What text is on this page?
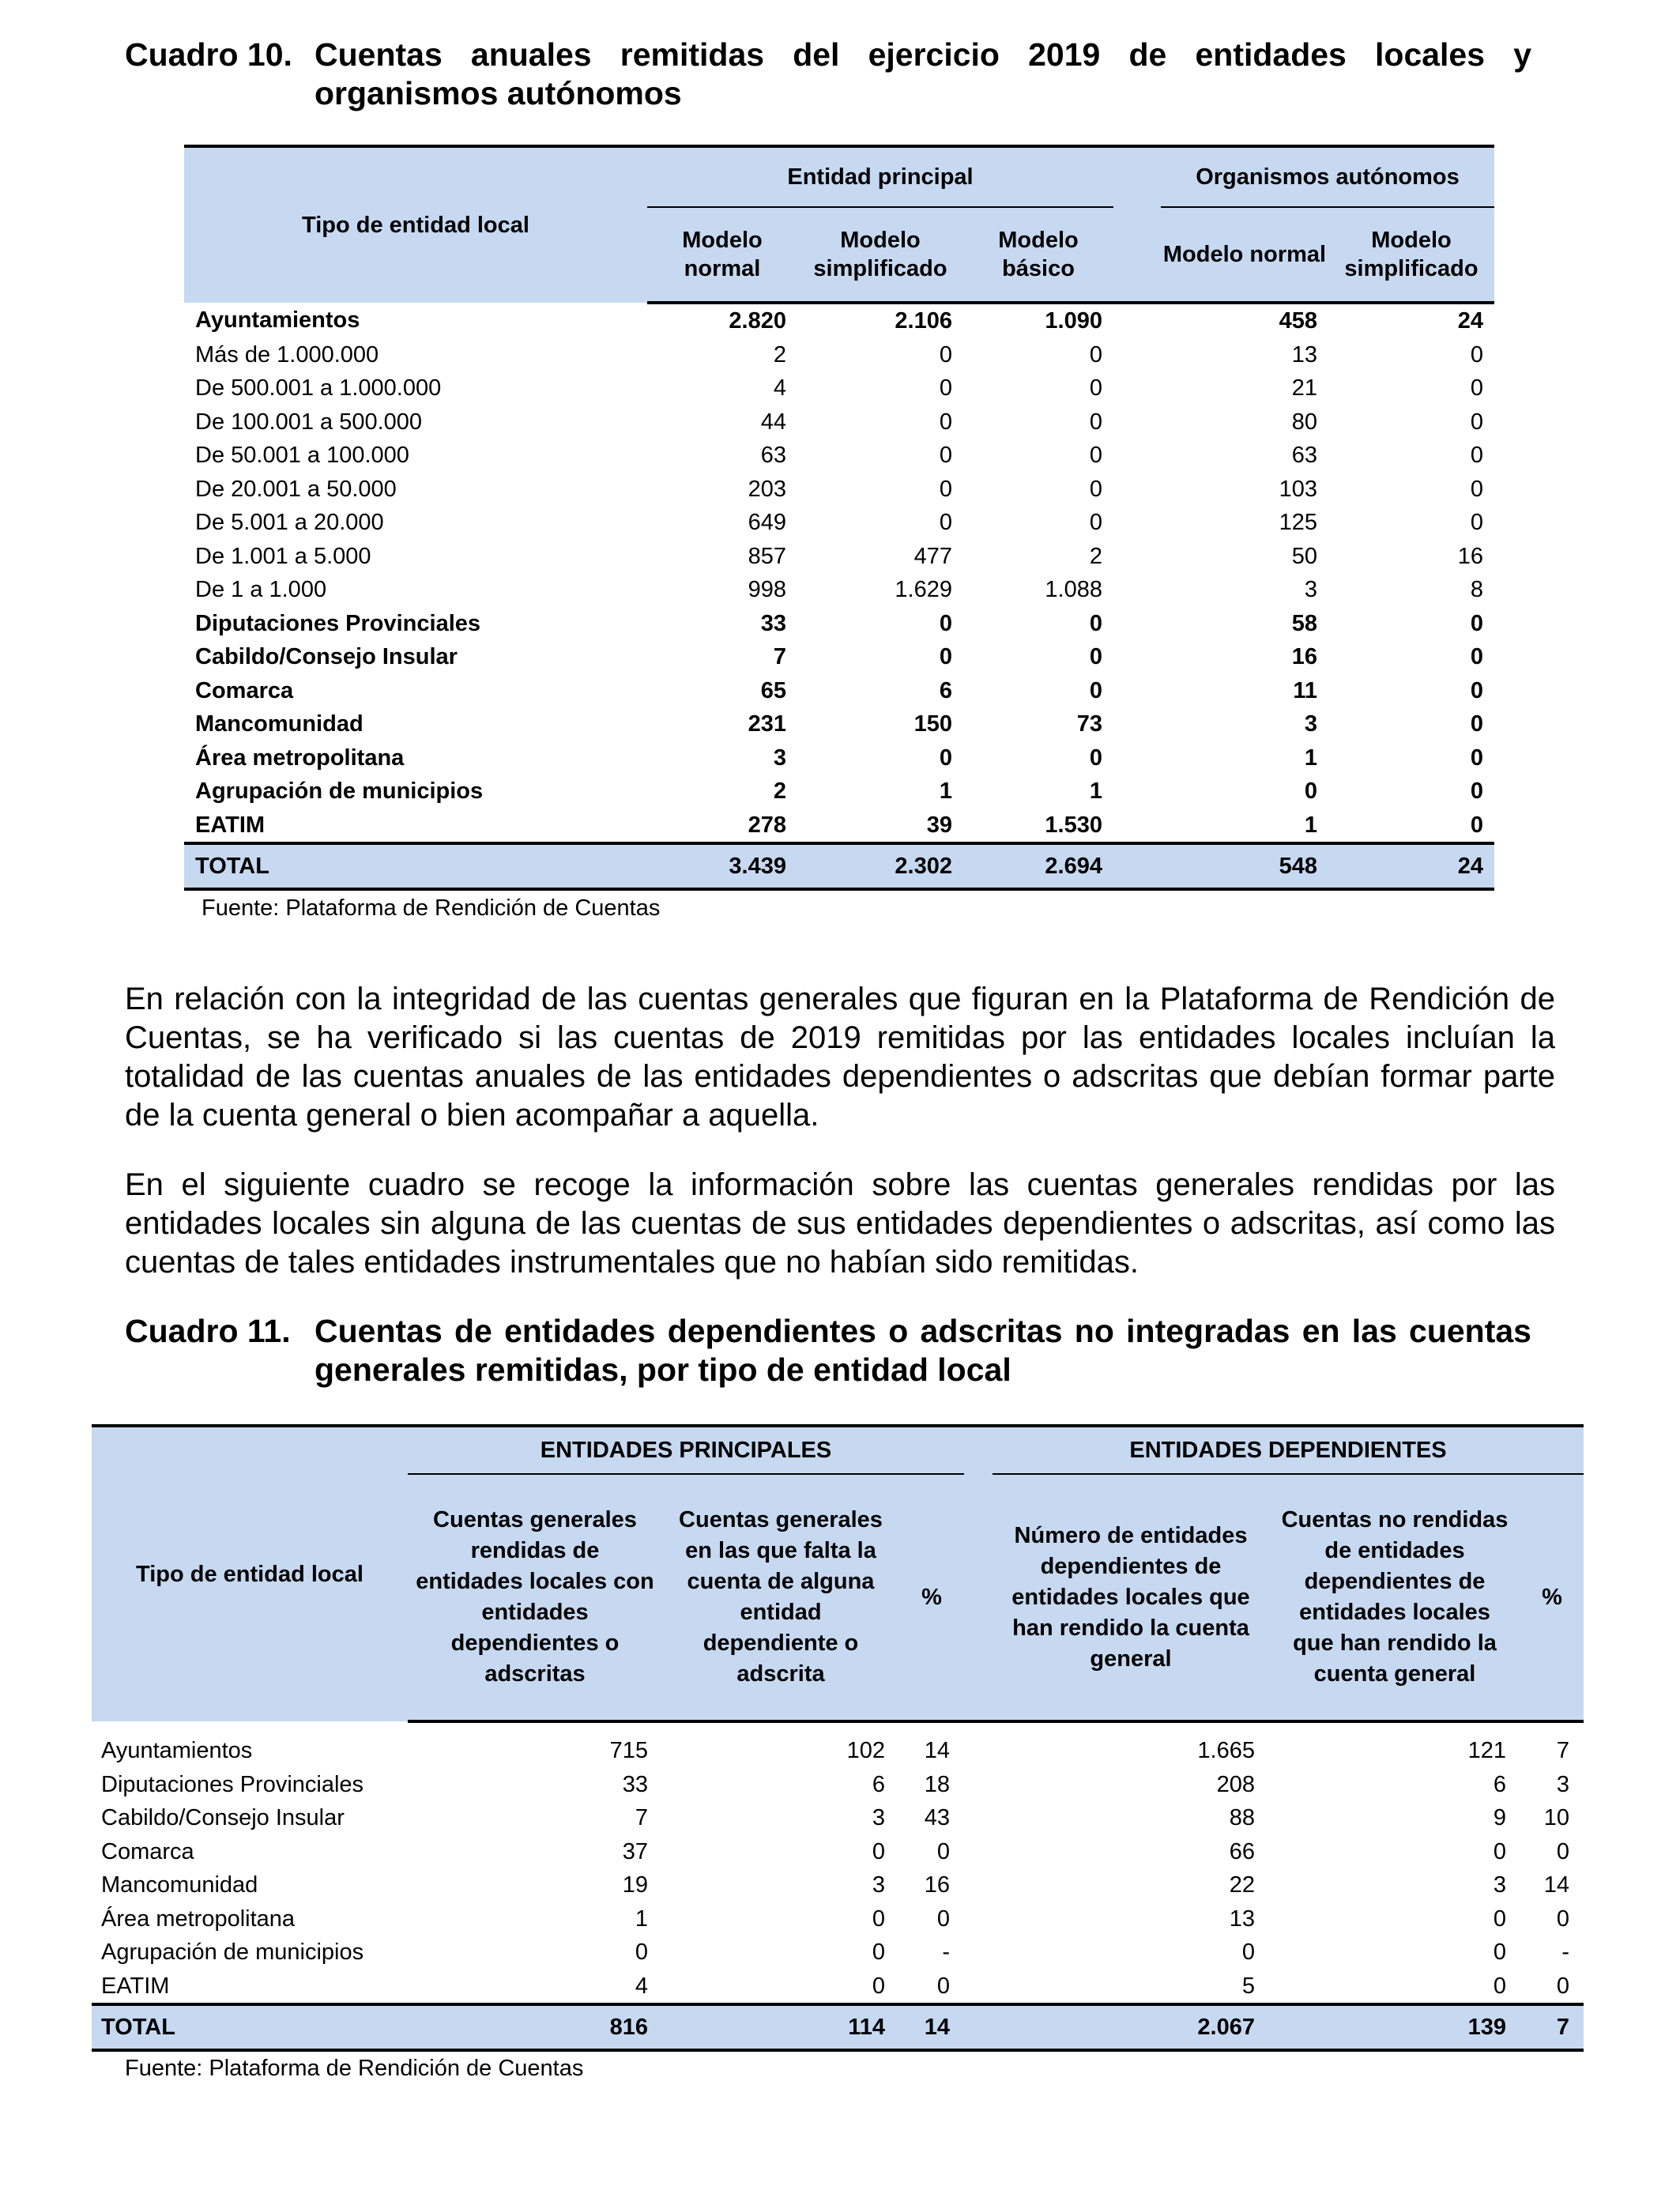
Cuadro 10. Cuentas anuales remitidas del ejercicio 2019 de entidades locales y organismos autónomos
Tipo de entidad local	Entidad principal				Organismos autónomos	
	Modelo normal	Modelo simplificado	Modelo básico		Modelo normal	Modelo simplificado
Ayuntamientos	2.820	2.106	1.090		458	24
Más de 1.000.000	2	0	0		13	0
De 500.001 a 1.000.000	4	0	0		21	0
De 100.001 a 500.000	44	0	0		80	0
De 50.001 a 100.000	63	0	0		63	0
De 20.001 a 50.000	203	0	0		103	0
De 5.001 a 20.000	649	0	0		125	0
De 1.001 a 5.000	857	477	2		50	16
De 1 a 1.000	998	1.629	1.088		3	8
Diputaciones Provinciales	33	0	0		58	0
Cabildo/Consejo Insular	7	0	0		16	0
Comarca	65	6	0		11	0
Mancomunidad	231	150	73		3	0
Área metropolitana	3	0	0		1	0
Agrupación de municipios	2	1	1		0	0
EATIM	278	39	1.530		1	0
TOTAL	3.439	2.302	2.694		548	24
Fuente: Plataforma de Rendición de Cuentas						
En relación con la integridad de las cuentas generales que figuran en la Plataforma de Rendición de Cuentas, se ha verificado si las cuentas de 2019 remitidas por las entidades locales incluían la totalidad de las cuentas anuales de las entidades dependientes o adscritas que debían formar parte de la cuenta general o bien acompañar a aquella.
En el siguiente cuadro se recoge la información sobre las cuentas generales rendidas por las entidades locales sin alguna de las cuentas de sus entidades dependientes o adscritas, así como las cuentas de tales entidades instrumentales que no habían sido remitidas.
Cuadro 11. Cuentas de entidades dependientes o adscritas no integradas en las cuentas generales remitidas, por tipo de entidad local
Tipo de entidad local	ENTIDADES PRINCIPALES				ENTIDADES DEPENDIENTES		
	Cuentas generales rendidas de entidades locales con entidades dependientes o adscritas	Cuentas generales en las que falta la cuenta de alguna entidad dependiente o adscrita	%		Número de entidades dependientes de entidades locales que han rendido la cuenta general	Cuentas no rendidas de entidades dependientes de entidades locales que han rendido la cuenta general	%

Ayuntamientos	715	102	14		1.665	121	7
Diputaciones Provinciales	33	6	18		208	6	3
Cabildo/Consejo Insular	7	3	43		88	9	10
Comarca	37	0	0		66	0	0
Mancomunidad	19	3	16		22	3	14
Área metropolitana	1	0	0		13	0	0
Agrupación de municipios	0	0	-		0	0	-
EATIM	4	0	0		5	0	0
TOTAL	816	114	14		2.067	139	7
Fuente: Plataforma de Rendición de Cuentas							
